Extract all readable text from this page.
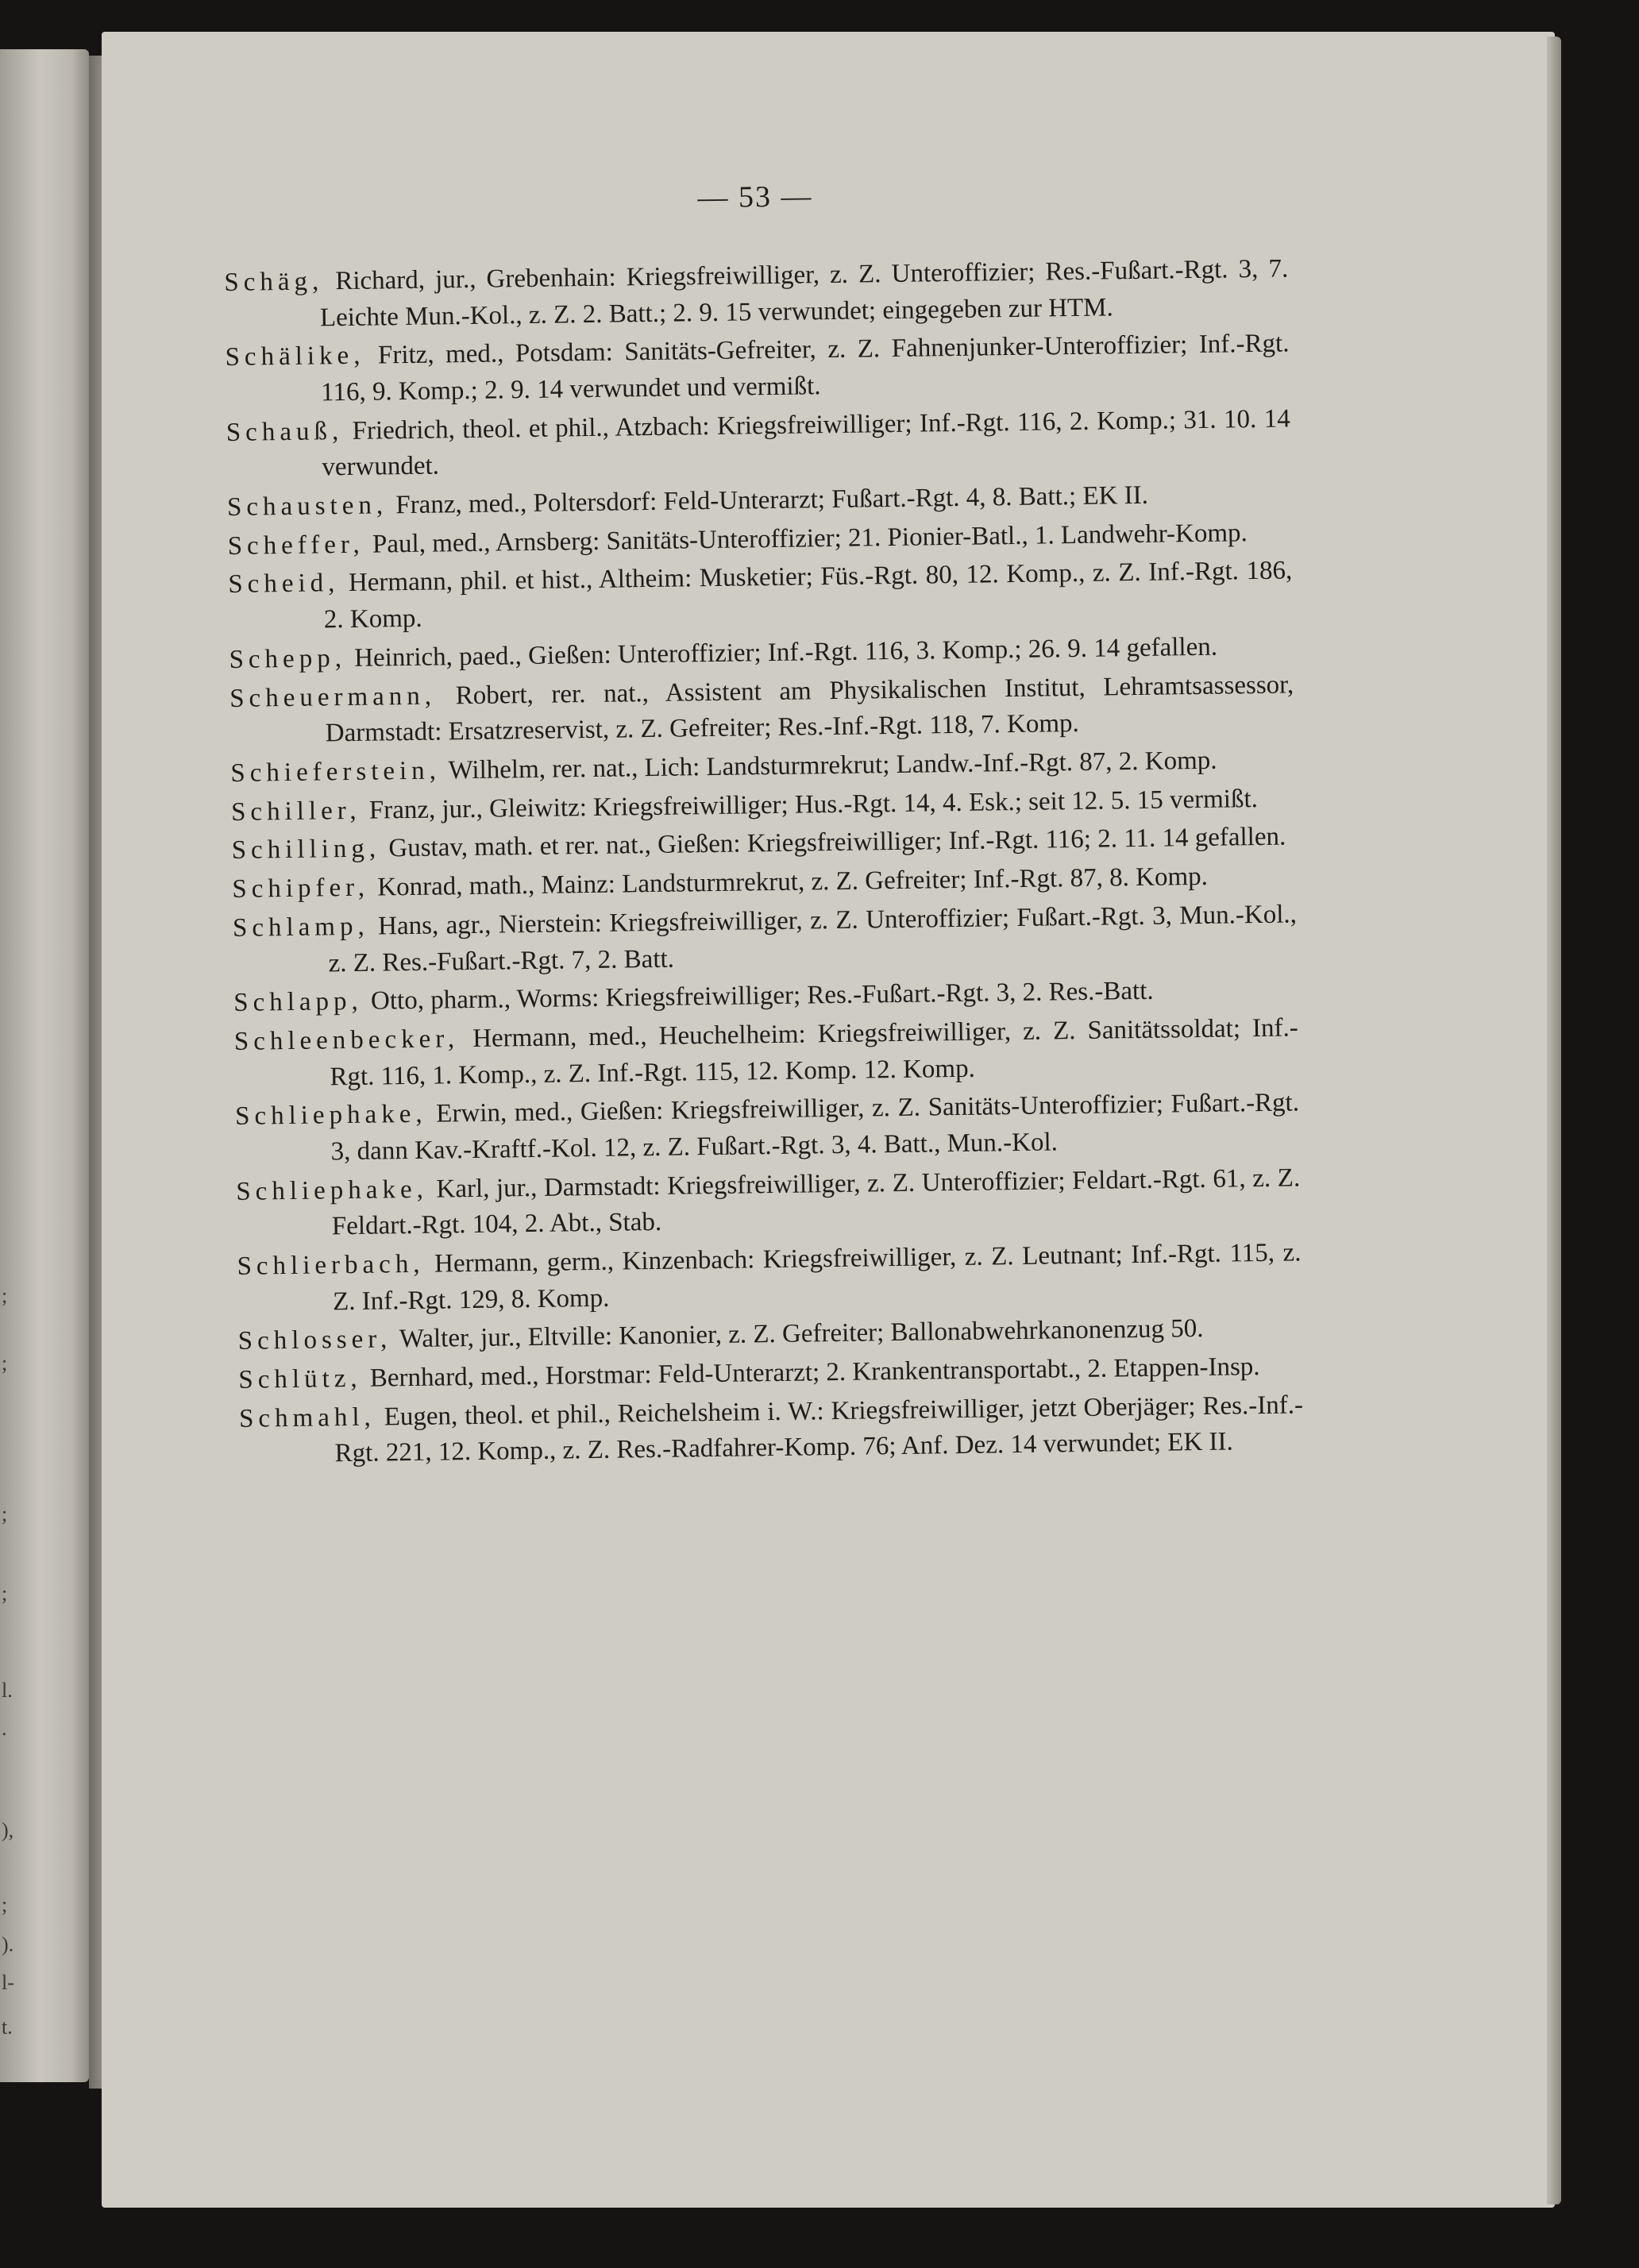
;
;
;
;
l.
.
),
;
).
l-
t.
— 53 —
Schäg, Richard, jur., Grebenhain: Kriegsfreiwilliger, z. Z. Unteroffizier; Res.-Fußart.-Rgt. 3, 7. Leichte Mun.-Kol., z. Z. 2. Batt.; 2. 9. 15 verwundet; eingegeben zur HTM.
Schälike, Fritz, med., Potsdam: Sanitäts-Gefreiter, z. Z. Fahnenjunker-Unteroffizier; Inf.-Rgt. 116, 9. Komp.; 2. 9. 14 verwundet und vermißt.
Schauß, Friedrich, theol. et phil., Atzbach: Kriegsfreiwilliger; Inf.-Rgt. 116, 2. Komp.; 31. 10. 14 verwundet.
Schausten, Franz, med., Poltersdorf: Feld-Unterarzt; Fußart.-Rgt. 4, 8. Batt.; EK II.
Scheffer, Paul, med., Arnsberg: Sanitäts-Unteroffizier; 21. Pionier-Batl., 1. Landwehr-Komp.
Scheid, Hermann, phil. et hist., Altheim: Musketier; Füs.-Rgt. 80, 12. Komp., z. Z. Inf.-Rgt. 186, 2. Komp.
Schepp, Heinrich, paed., Gießen: Unteroffizier; Inf.-Rgt. 116, 3. Komp.; 26. 9. 14 gefallen.
Scheuermann, Robert, rer. nat., Assistent am Physikalischen Institut, Lehramtsassessor, Darmstadt: Ersatzreservist, z. Z. Gefreiter; Res.-Inf.-Rgt. 118, 7. Komp.
Schieferstein, Wilhelm, rer. nat., Lich: Landsturmrekrut; Landw.-Inf.-Rgt. 87, 2. Komp.
Schiller, Franz, jur., Gleiwitz: Kriegsfreiwilliger; Hus.-Rgt. 14, 4. Esk.; seit 12. 5. 15 vermißt.
Schilling, Gustav, math. et rer. nat., Gießen: Kriegsfreiwilliger; Inf.-Rgt. 116; 2. 11. 14 gefallen.
Schipfer, Konrad, math., Mainz: Landsturmrekrut, z. Z. Gefreiter; Inf.-Rgt. 87, 8. Komp.
Schlamp, Hans, agr., Nierstein: Kriegsfreiwilliger, z. Z. Unteroffizier; Fußart.-Rgt. 3, Mun.-Kol., z. Z. Res.-Fußart.-Rgt. 7, 2. Batt.
Schlapp, Otto, pharm., Worms: Kriegsfreiwilliger; Res.-Fußart.-Rgt. 3, 2. Res.-Batt.
Schleenbecker, Hermann, med., Heuchelheim: Kriegsfreiwilliger, z. Z. Sanitätssoldat; Inf.-Rgt. 116, 1. Komp., z. Z. Inf.-Rgt. 115, 12. Komp. 12. Komp.
Schliephake, Erwin, med., Gießen: Kriegsfreiwilliger, z. Z. Sanitäts-Unteroffizier; Fußart.-Rgt. 3, dann Kav.-Kraftf.-Kol. 12, z. Z. Fußart.-Rgt. 3, 4. Batt., Mun.-Kol.
Schliephake, Karl, jur., Darmstadt: Kriegsfreiwilliger, z. Z. Unteroffizier; Feldart.-Rgt. 61, z. Z. Feldart.-Rgt. 104, 2. Abt., Stab.
Schlierbach, Hermann, germ., Kinzenbach: Kriegsfreiwilliger, z. Z. Leutnant; Inf.-Rgt. 115, z. Z. Inf.-Rgt. 129, 8. Komp.
Schlosser, Walter, jur., Eltville: Kanonier, z. Z. Gefreiter; Ballonabwehrkanonenzug 50.
Schlütz, Bernhard, med., Horstmar: Feld-Unterarzt; 2. Krankentransportabt., 2. Etappen-Insp.
Schmahl, Eugen, theol. et phil., Reichelsheim i. W.: Kriegsfreiwilliger, jetzt Oberjäger; Res.-Inf.-Rgt. 221, 12. Komp., z. Z. Res.-Radfahrer-Komp. 76; Anf. Dez. 14 verwundet; EK II.
